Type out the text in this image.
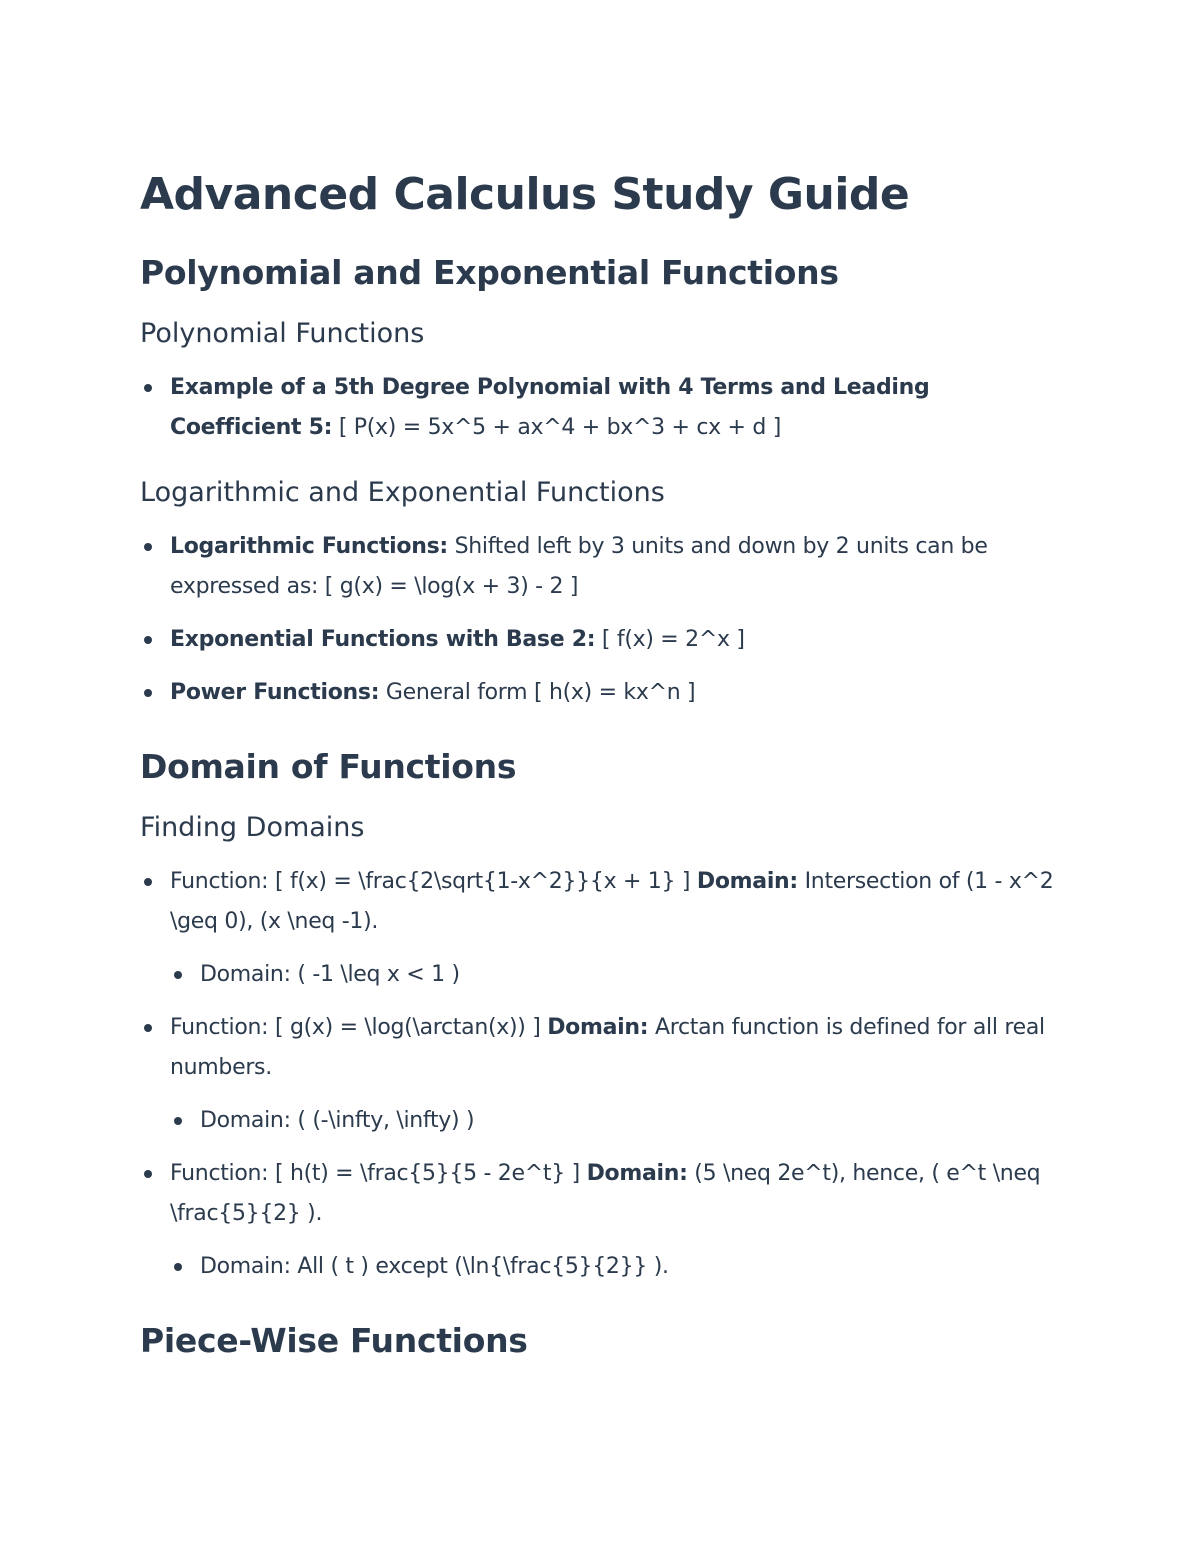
Advanced Calculus Study Guide
Polynomial and Exponential Functions
Polynomial Functions
Example of a 5th Degree Polynomial with 4 Terms and Leading Coefficient 5: [ P(x) = 5x^5 + ax^4 + bx^3 + cx + d ]
Logarithmic and Exponential Functions
Logarithmic Functions: Shifted left by 3 units and down by 2 units can be expressed as: [ g(x) = \log(x + 3) - 2 ]
Exponential Functions with Base 2: [ f(x) = 2^x ]
Power Functions: General form [ h(x) = kx^n ]
Domain of Functions
Finding Domains
Function: [ f(x) = \frac{2\sqrt{1-x^2}}{x + 1} ] Domain: Intersection of (1 - x^2 \geq 0), (x \neq -1).
Domain: ( -1 \leq x < 1 )
Function: [ g(x) = \log(\arctan(x)) ] Domain: Arctan function is defined for all real numbers.
Domain: ( (-\infty, \infty) )
Function: [ h(t) = \frac{5}{5 - 2e^t} ] Domain: (5 \neq 2e^t), hence, ( e^t \neq \frac{5}{2} ).
Domain: All ( t ) except (\ln{\frac{5}{2}} ).
Piece-Wise Functions
